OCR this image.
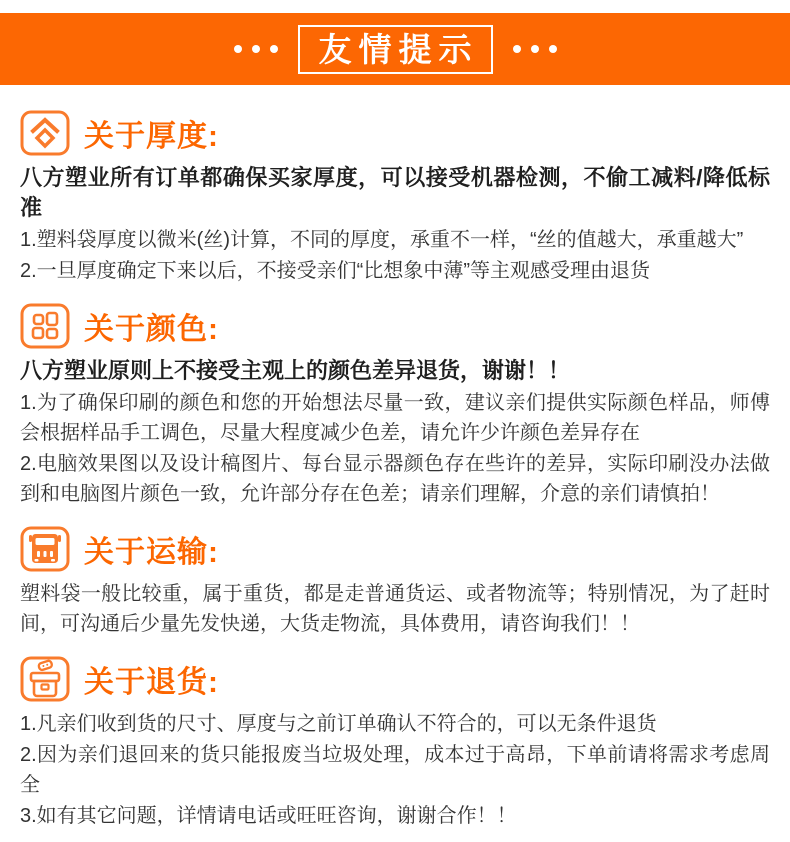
友情提示
关于厚度:

八方塑业所有订单都确保买家厚度，可以接受机器检测，不偷工减料/降低标准

1.塑料袋厚度以微米(丝)计算，不同的厚度，承重不一样，“丝的值越大，承重越大”

2.一旦厚度确定下来以后，不接受亲们“比想象中薄”等主观感受理由退货

关于颜色:

八方塑业原则上不接受主观上的颜色差异退货，谢谢！！

1.为了确保印刷的颜色和您的开始想法尽量一致，建议亲们提供实际颜色样品，师傅会根据样品手工调色，尽量大程度减少色差，请允许少许颜色差异存在

2.电脑效果图以及设计稿图片、每台显示器颜色存在些许的差异，实际印刷没办法做到和电脑图片颜色一致，允许部分存在色差；请亲们理解，介意的亲们请慎拍！

关于运输:

塑料袋一般比较重，属于重货，都是走普通货运、或者物流等；特别情况，为了赶时间，可沟通后少量先发快递，大货走物流，具体费用，请咨询我们！！

关于退货:

1.凡亲们收到货的尺寸、厚度与之前订单确认不符合的，可以无条件退货

2.因为亲们退回来的货只能报废当垃圾处理，成本过于高昂，下单前请将需求考虑周全

3.如有其它问题，详情请电话或旺旺咨询，谢谢合作！！
